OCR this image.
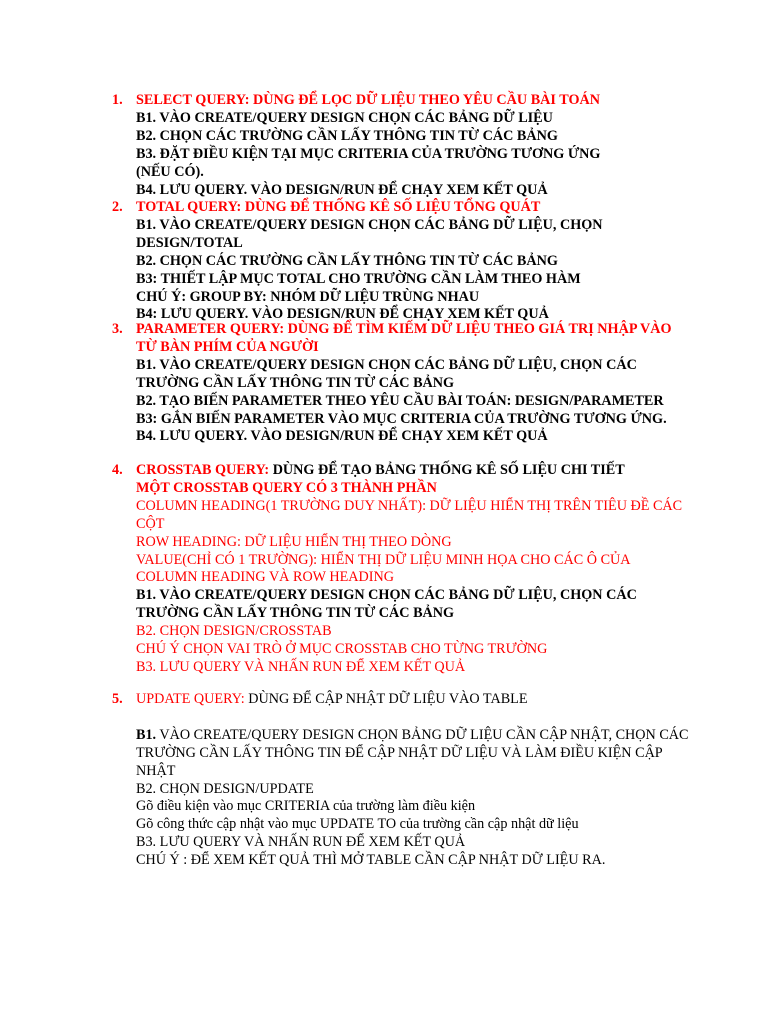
1. SELECT QUERY: DÙNG ĐỂ LỌC DỮ LIỆU THEO YÊU CẦU BÀI TOÁN
B1. VÀO CREATE/QUERY DESIGN CHỌN CÁC BẢNG DỮ LIỆU
B2. CHỌN CÁC TRƯỜNG CẦN LẤY THÔNG TIN TỪ CÁC BẢNG
B3. ĐẶT ĐIỀU KIỆN TẠI MỤC CRITERIA CỦA TRƯỜNG TƯƠNG ỨNG
(NẾU CÓ).
B4. LƯU QUERY. VÀO DESIGN/RUN ĐỂ CHẠY XEM KẾT QUẢ
2. TOTAL QUERY: DÙNG ĐỂ THỐNG KÊ SỐ LIỆU TỔNG QUÁT
B1. VÀO CREATE/QUERY DESIGN CHỌN CÁC BẢNG DỮ LIỆU, CHỌN
DESIGN/TOTAL
B2. CHỌN CÁC TRƯỜNG CẦN LẤY THÔNG TIN TỪ CÁC BẢNG
B3: THIẾT LẬP MỤC TOTAL CHO TRƯỜNG CẦN LÀM THEO HÀM
CHÚ Ý: GROUP BY: NHÓM DỮ LIỆU TRÙNG NHAU
B4: LƯU QUERY. VÀO DESIGN/RUN ĐỂ CHẠY XEM KẾT QUẢ
3. PARAMETER QUERY: DÙNG ĐỂ TÌM KIẾM DỮ LIỆU THEO GIÁ TRỊ NHẬP VÀO
TỪ BÀN PHÍM CỦA NGƯỜI
B1. VÀO CREATE/QUERY DESIGN CHỌN CÁC BẢNG DỮ LIỆU, CHỌN CÁC
TRƯỜNG CẦN LẤY THÔNG TIN TỪ CÁC BẢNG
B2. TẠO BIẾN PARAMETER THEO YÊU CẦU BÀI TOÁN: DESIGN/PARAMETER
B3: GẮN BIẾN PARAMETER VÀO MỤC CRITERIA CỦA TRƯỜNG TƯƠNG ỨNG.
B4. LƯU QUERY. VÀO DESIGN/RUN ĐỂ CHẠY XEM KẾT QUẢ
4. CROSSTAB QUERY: DÙNG ĐỂ TẠO BẢNG THỐNG KÊ SỐ LIỆU CHI TIẾT
MỘT CROSSTAB QUERY CÓ 3 THÀNH PHẦN
COLUMN HEADING(1 TRƯỜNG DUY NHẤT): DỮ LIỆU HIỂN THỊ TRÊN TIÊU ĐỀ CÁC
CỘT
ROW HEADING: DỮ LIỆU HIỂN THỊ THEO DÒNG
VALUE(CHỈ CÓ 1 TRƯỜNG): HIỂN THỊ DỮ LIỆU MINH HỌA CHO CÁC Ô CỦA
COLUMN HEADING VÀ ROW HEADING
B1. VÀO CREATE/QUERY DESIGN CHỌN CÁC BẢNG DỮ LIỆU, CHỌN CÁC
TRƯỜNG CẦN LẤY THÔNG TIN TỪ CÁC BẢNG
B2. CHỌN DESIGN/CROSSTAB
CHÚ Ý CHỌN VAI TRÒ Ở MỤC CROSSTAB CHO TỪNG TRƯỜNG
B3. LƯU QUERY VÀ NHẤN RUN ĐỂ XEM KẾT QUẢ
5. UPDATE QUERY: DÙNG ĐỂ CẬP NHẬT DỮ LIỆU VÀO TABLE
B1. VÀO CREATE/QUERY DESIGN CHỌN BẢNG DỮ LIỆU CẦN CẬP NHẬT, CHỌN CÁC
TRƯỜNG CẦN LẤY THÔNG TIN ĐỂ CẬP NHẬT DỮ LIỆU VÀ LÀM ĐIỀU KIỆN CẬP
NHẬT
B2. CHỌN DESIGN/UPDATE
Gõ điều kiện vào mục CRITERIA của trường làm điều kiện
Gõ công thức cập nhật vào mục UPDATE TO của trường cần cập nhật dữ liệu
B3. LƯU QUERY VÀ NHẤN RUN ĐỂ XEM KẾT QUẢ
CHÚ Ý : ĐỂ XEM KẾT QUẢ THÌ MỞ TABLE CẦN CẬP NHẬT DỮ LIỆU RA.
